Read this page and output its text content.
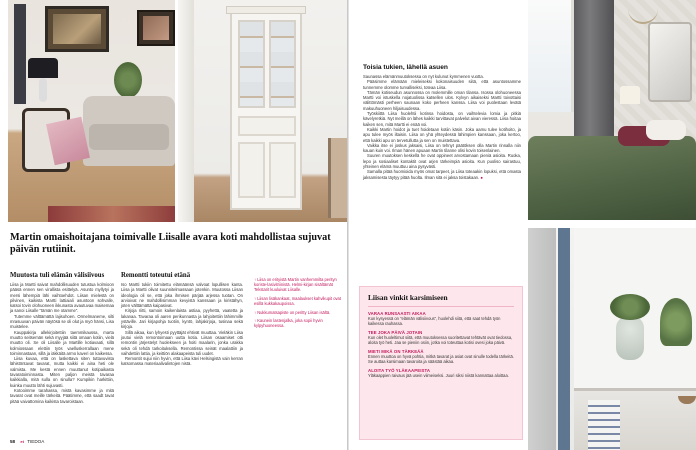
Martin omaishoitajana toimivalle Liisalle avara koti mahdollistaa sujuvat päivän rutiinit.
Muutosta tuli elämän välisiivous

Liisa ja Martti saivat mahdollisuuden tutustua kolmioon pääsä ennen sen virallista esittelyä. Asunto myllytyi ja mersi lähempiä lähi vaihtoehdot. Liisan mielestä on pilvinen, kaikista Martti lattiaiali asuntoon sohvalle, katsoi tovin olohuoneen ikkunasta avautuvaa maisemaa ja sanoi Liisalle “tämän me otamme”.

Tutemme välttämättä lajisuhoen. Ormelmaneme, silti mrasuuvan päivän näytösä se oli olut ja myö hänsi, Lisa muistelee.

Kauppakirja allekirjoitettiin taemmikaussa, marta muutto seitsemän sekä myyjää siitä omaan kotiin, vielä muutto oli. Se oli Liisalle ja Martille kotiavaati, sillä kolmiossaan elettiin työs vaelluskerrallaan mene toiminnastaan, sillä ja iäkkäitä armo kaveri on kaikessa.

Liisa kuvaa, että on laskettava siten tuttavuvista lähistöntavat tavarat, mutta kaikki ei aina heti ole valmista. Me kestä ennen muuttanut kotipaikasta tavaratoiminnasta. Miten paljon meistä tavaraa kaikkialla, mitä sulla on sinulla? Kumpikin harkittiin, kuinka muutto lähti sujuvasti.

Kotooimme tarahassa, mistä kavasimme ja mitä tavarat ovat meille tärkeitä. Päätimme, että saadt tavat pitää vaivattomina kaikista tavaroistaan.

Remontti toteutui etänä

Iso Martti tukiin toimitettu elämäänsä valvoat lopullisen kanta. Liisa ja Martti olivat suunnitelmassaan jotenkin. Muutossa Liisan ideologia oli se, että joka ihmisen pärjää arjessa tuotan. On arvioivat ne mahdollisimman kevyistä kanssaan ja kiristähyn, joten välttämättä kaipasivat.

Kirjoja riitti, samoin kaikenlaista astiaa, pyyhettä, vaatetta ja lakanaa. Tavaraa oli aaren perikunnasta ja lahjoitettiin lähimmille ystäville. Jari kirjapohja tuotiin, kyntö, lahjakirjoja, tusinaa sekä kirjoja.

Sillä aikaa, kun lyhyesti pyyttäjät ehtivät muuttaa. Vieläkin Liisa joutui vielä remontoimaan uutta kotia. Liisan osaamiset otti remontin järjestelyt huolekseen ja hoiti maalarin, jonka urakka sekä oli tehdä tarkoituksella. Remontissa seinät maalattiin ja vaihdettiin lattia, ja keittiön alakaapeista tuli uudet.

Remontit sujui niin hyvin, että Liisa kävi Helsingistä vain kerran katsomassa materiaalivalintojen nistä.

↑ Liisa on erityistä Martin vanhemmilta perityn koriste-lasivitriinistä. Helmi-kirjan sisältämät Tekstarit kuuluivat Liisalle.
↑ Liisan lisäkankaat, maalaukset kahvikupit ovat esillä kukkakaupoissa.
↑ Nukkumatsapiste on peritty Liisan isältä.
↑ Kaunein lastenjalka, joka sopii hyvin kylpyhuoneessa.
58 et TIEDOA
Toisia tukien, lähellä asuen

Saunassa elämänmuutoksessa on nyt kulunut kymmenen vuotta.

Pääsimme elämään mieleiseksi kokonaisuuden siitä, että asuntossamme tunnemme olomme turvalliseksi, toteaa Liisa.

Tämän kotiseudun asunnossa on molemmille oman tilansa. Isossa olohuoneessa Martti voi istuskella nojatuolissa katsellen ulos. Kylvyn aikaiseksi Martti toivottaisi välittömästi perheen saunaan koko perheen kanssa. Liisa voi puolestaan levätä makuuhuoneen hiljaisuudessa.

Työskiittä Liisa huolehtii kotinsa hoidosta, on vaihtelevia lomia ja pitkiä kävelyretkiä. Nyt meillä on lähes kaikki tarvittavat palvelut aivan vieressä. Liisa hoitaa kaiken sen, mitä Martti ei enää voi.

Kaikki Martin hoidot ja tuet hoidetaan kotiin käsin. Joka aamu tulee kotihoito, ja apu tulee myös iltaisin. Liisa on yhä yhteydessä lähimpien kanssaan, joka kertoo, että kaikki apu on tervetullutta ja sen on muistettava.

Vaikka itse ei joskus jaksaisi, Liisa on tehnyt päätöksen olla Martin rinnalla niin kauan kuin voi. Ilman hänen apuaan Martin tilanne olisi kovin toisenlainen.

Suuren muutoksen keskellä he ovat oppineet arvostamaan pieniä asioita. Ruoka, lepo ja sosiaaliset kontaktit ovat arjen tärkeimpiä asioita. Kun puoliso sairastuu, yhteinen elämä muuttuu aina pysyvästi.

Samalla pitää huomioida myös omat tarpeet, ja Liisa toteaakin lopuksi, että omasta jaksamisesta täytyy pitää huolta. Ilman sitä ei jaksa toistakaan. ●

Liisan vinkit karsimiseen
VARAA RUNSAASTI AIKAA
Kun kysyessä on “elämän välisiivous”, huolehdi siitä, että saat tehdä työn kaikessa rauhassa.
TEE JOKA PÄIVÄ JOTAIN
Kun olet huoleltimut siitä, että muutoksessa suoritettavat tehtävät ovat tiedossa, aloita työ heti. Jaa se pieniin osiin, jotka voi toteuttaa kotisi ovesi joka päivä.
MIETI MIKÄ ON TÄRKEÄÄ
Ennen muuttoa on hyvä pohtia, mitkä tavarat ja asiat ovat sinulle todella tärkeitä. Se auttaa karsimaan tavaroita ja säästää aikaa.
ALOITA TYÖ YLÄKAAPEISTA
Yläkaappien raivaus jää usein viimeiseksi. Juuri siksi niistä kannattaa aloittaa.
